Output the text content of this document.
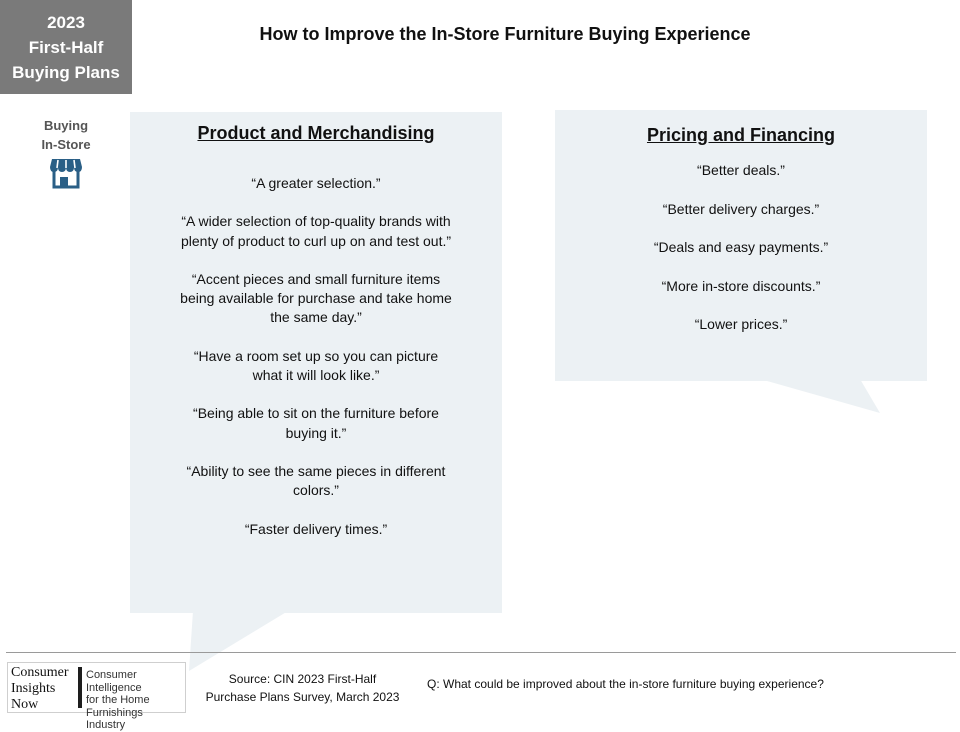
2023
First-Half
Buying Plans
How to Improve the In-Store Furniture Buying Experience
Buying
In-Store
Product and Merchandising
“A greater selection.”
“A wider selection of top-quality brands with plenty of product to curl up on and test out.”
“Accent pieces and small furniture items being available for purchase and take home the same day.”
“Have a room set up so you can picture what it will look like.”
“Being able to sit on the furniture before buying it.”
“Ability to see the same pieces in different colors.”
“Faster delivery times.”
Pricing and Financing
“Better deals.”
“Better delivery charges.”
“Deals and easy payments.”
“More in-store discounts.”
“Lower prices.”
Consumer
Insights
Now
Consumer Intelligence
for the Home
Furnishings Industry
Source: CIN 2023 First-Half
Purchase Plans Survey, March 2023
Q: What could be improved about the in-store furniture buying experience?
